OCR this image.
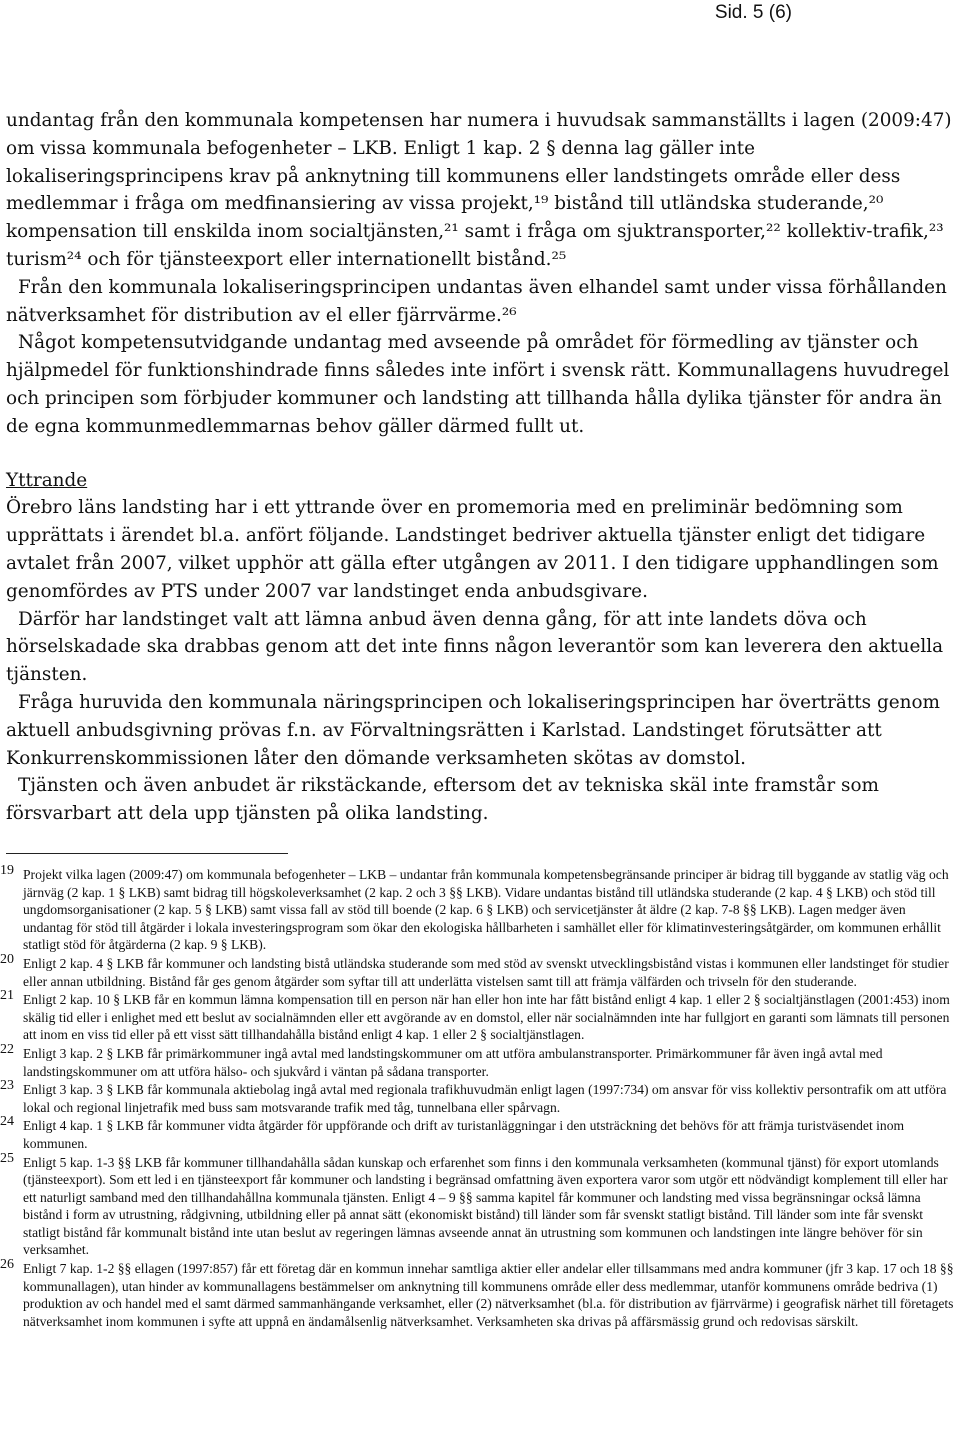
Sid. 5 (6)

undantag från den kommunala kompetensen har numera i huvudsak sammanställts i lagen (2009:47) om vissa kommunala befogenheter – LKB. Enligt 1 kap. 2 § denna lag gäller inte lokaliseringsprincipens krav på anknytning till kommunens eller landstingets område eller dess medlemmar i fråga om medfinansiering av vissa projekt,¹⁹ bistånd till utländska studerande,²⁰ kompensation till enskilda inom socialtjänsten,²¹ samt i fråga om sjuktransporter,²² kollektiv-trafik,²³ turism²⁴ och för tjänsteexport eller internationellt bistånd.²⁵

Från den kommunala lokaliseringsprincipen undantas även elhandel samt under vissa förhållanden nätverksamhet för distribution av el eller fjärrvärme.²⁶

Något kompetensutvidgande undantag med avseende på området för förmedling av tjänster och hjälpmedel för funktionshindrade finns således inte infört i svensk rätt. Kommunallagens huvudregel och principen som förbjuder kommuner och landsting att tillhanda hålla dylika tjänster för andra än de egna kommunmedlemmarnas behov gäller därmed fullt ut.

Yttrande

Örebro läns landsting har i ett yttrande över en promemoria med en preliminär bedömning som upprättats i ärendet bl.a. anfört följande. Landstinget bedriver aktuella tjänster enligt det tidigare avtalet från 2007, vilket upphör att gälla efter utgången av 2011. I den tidigare upphandlingen som genomfördes av PTS under 2007 var landstinget enda anbudsgivare.

Därför har landstinget valt att lämna anbud även denna gång, för att inte landets döva och hörselskadade ska drabbas genom att det inte finns någon leverantör som kan leverera den aktuella tjänsten.

Fråga huruvida den kommunala näringsprincipen och lokaliseringsprincipen har överträtts genom aktuell anbudsgivning prövas f.n. av Förvaltningsrätten i Karlstad. Landstinget förutsätter att Konkurrenskommissionen låter den dömande verksamheten skötas av domstol.

Tjänsten och även anbudet är rikstäckande, eftersom det av tekniska skäl inte framstår som försvarbart att dela upp tjänsten på olika landsting.

19 Projekt vilka lagen (2009:47) om kommunala befogenheter – LKB – undantar från kommunala kompetensbegränsande principer är bidrag till byggande av statlig väg och järnväg (2 kap. 1 § LKB) samt bidrag till högskoleverksamhet (2 kap. 2 och 3 §§ LKB). Vidare undantas bistånd till utländska studerande (2 kap. 4 § LKB) och stöd till ungdomsorganisationer (2 kap. 5 § LKB) samt vissa fall av stöd till boende (2 kap. 6 § LKB) och servicetjänster åt äldre (2 kap. 7-8 §§ LKB). Lagen medger även undantag för stöd till åtgärder i lokala investeringsprogram som ökar den ekologiska hållbarheten i samhället eller för klimatinvesteringsåtgärder, om kommunen erhållit statligt stöd för åtgärderna (2 kap. 9 § LKB).
20 Enligt 2 kap. 4 § LKB får kommuner och landsting bistå utländska studerande som med stöd av svenskt utvecklingsbistånd vistas i kommunen eller landstinget för studier eller annan utbildning. Bistånd får ges genom åtgärder som syftar till att underlätta vistelsen samt till att främja välfärden och trivseln för den studerande.
21 Enligt 2 kap. 10 § LKB får en kommun lämna kompensation till en person när han eller hon inte har fått bistånd enligt 4 kap. 1 eller 2 § socialtjänstlagen (2001:453) inom skälig tid eller i enlighet med ett beslut av socialnämnden eller ett avgörande av en domstol, eller när socialnämnden inte har fullgjort en garanti som lämnats till personen att inom en viss tid eller på ett visst sätt tillhandahålla bistånd enligt 4 kap. 1 eller 2 § socialtjänstlagen.
22 Enligt 3 kap. 2 § LKB får primärkommuner ingå avtal med landstingskommuner om att utföra ambulanstransporter. Primärkommuner får även ingå avtal med landstingskommuner om att utföra hälso- och sjukvård i väntan på sådana transporter.
23 Enligt 3 kap. 3 § LKB får kommunala aktiebolag ingå avtal med regionala trafikhuvudmän enligt lagen (1997:734) om ansvar för viss kollektiv persontrafik om att utföra lokal och regional linjetrafik med buss sam motsvarande trafik med tåg, tunnelbana eller spårvagn.
24 Enligt 4 kap. 1 § LKB får kommuner vidta åtgärder för uppförande och drift av turistanläggningar i den utsträckning det behövs för att främja turistväsendet inom kommunen.
25 Enligt 5 kap. 1-3 §§ LKB får kommuner tillhandahålla sådan kunskap och erfarenhet som finns i den kommunala verksamheten (kommunal tjänst) för export utomlands (tjänsteexport). Som ett led i en tjänsteexport får kommuner och landsting i begränsad omfattning även exportera varor som utgör ett nödvändigt komplement till eller har ett naturligt samband med den tillhandahållna kommunala tjänsten. Enligt 4 – 9 §§ samma kapitel får kommuner och landsting med vissa begränsningar också lämna bistånd i form av utrustning, rådgivning, utbildning eller på annat sätt (ekonomiskt bistånd) till länder som får svenskt statligt bistånd. Till länder som inte får svenskt statligt bistånd får kommunalt bistånd inte utan beslut av regeringen lämnas avseende annat än utrustning som kommunen och landstingen inte längre behöver för sin verksamhet.
26 Enligt 7 kap. 1-2 §§ ellagen (1997:857) får ett företag där en kommun innehar samtliga aktier eller andelar eller tillsammans med andra kommuner (jfr 3 kap. 17 och 18 §§ kommunallagen), utan hinder av kommunallagens bestämmelser om anknytning till kommunens område eller dess medlemmar, utanför kommunens område bedriva (1) produktion av och handel med el samt därmed sammanhängande verksamhet, eller (2) nätverksamhet (bl.a. för distribution av fjärrvärme) i geografisk närhet till företagets nätverksamhet inom kommunen i syfte att uppnå en ändamålsenlig nätverksamhet. Verksamheten ska drivas på affärsmässig grund och redovisas särskilt.
